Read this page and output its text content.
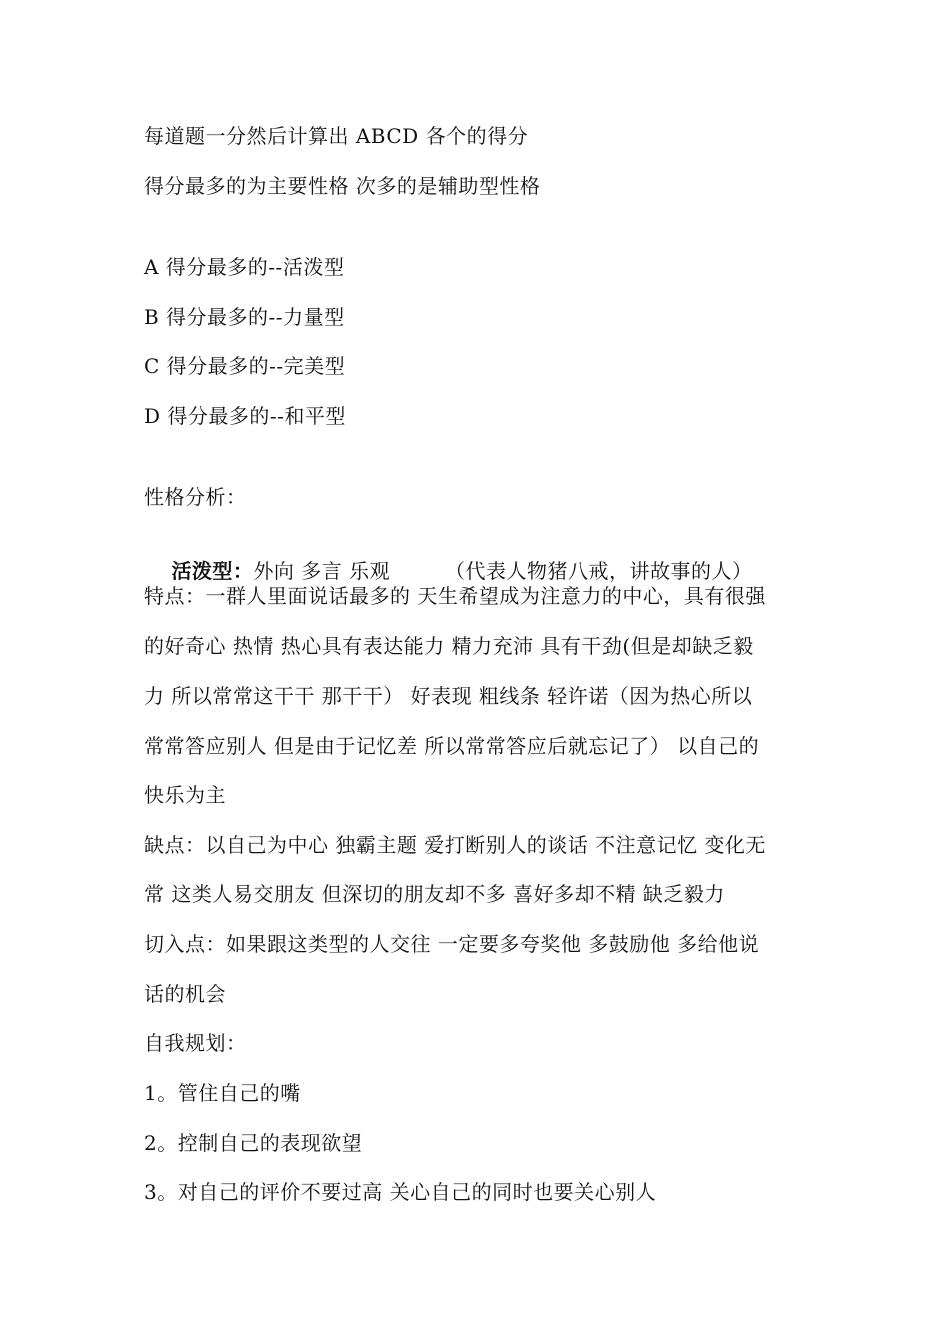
每道题一分然后计算出 ABCD 各个的得分
得分最多的为主要性格 次多的是辅助型性格
A 得分最多的--活泼型
B 得分最多的--力量型
C 得分最多的--完美型
D 得分最多的--和平型
性格分析：

活泼型：外向 多言 乐观        （代表人物猪八戒，讲故事的人）

特点：一群人里面说话最多的 天生希望成为注意力的中心，具有很强
的好奇心 热情 热心具有表达能力 精力充沛 具有干劲(但是却缺乏毅
力 所以常常这干干 那干干） 好表现 粗线条 轻许诺（因为热心所以
常常答应别人 但是由于记忆差 所以常常答应后就忘记了） 以自己的
快乐为主
缺点：以自己为中心 独霸主题 爱打断别人的谈话 不注意记忆 变化无
常 这类人易交朋友 但深切的朋友却不多 喜好多却不精 缺乏毅力
切入点：如果跟这类型的人交往 一定要多夸奖他 多鼓励他 多给他说
话的机会
自我规划：
1。管住自己的嘴
2。控制自己的表现欲望
3。对自己的评价不要过高 关心自己的同时也要关心别人
